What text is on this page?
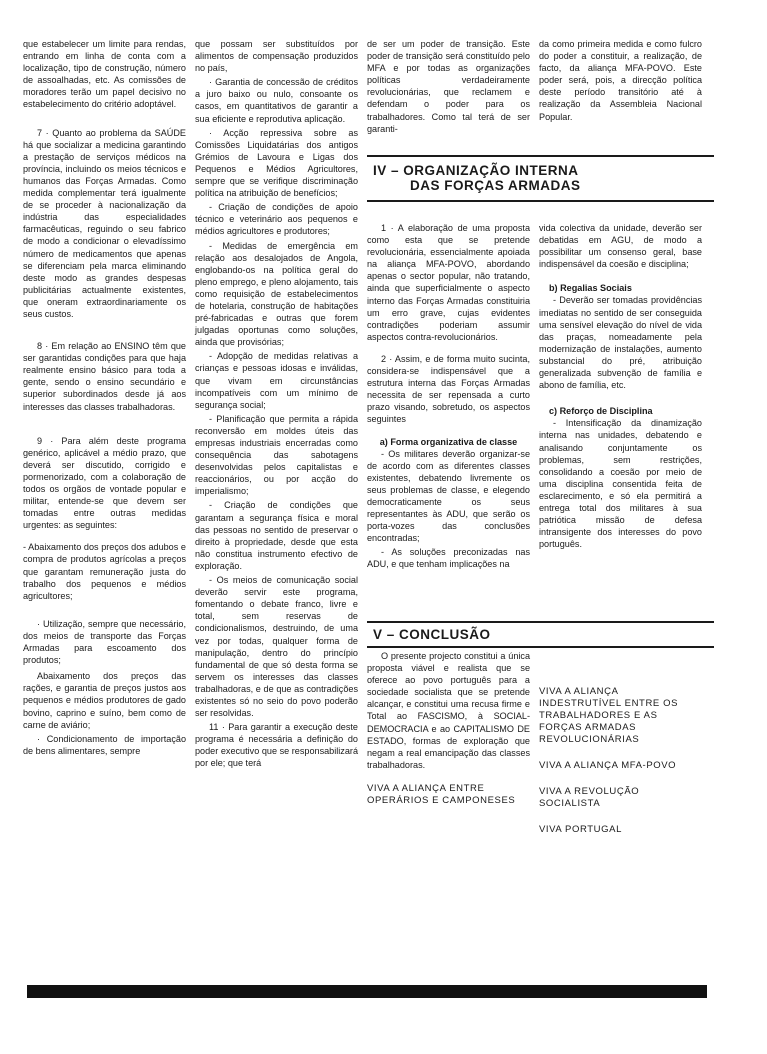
que estabelecer um limite para rendas, entrando em linha de conta com a localização, tipo de construção, número de assoalhadas, etc. As comissões de moradores terão um papel decisivo no estabelecimento do critério adoptável.

7 · Quanto ao problema da SAÚDE há que socializar a medicina garantindo a prestação de serviços médicos na província, incluindo os meios técnicos e humanos das Forças Armadas. Como medida complementar terá igualmente de se proceder à nacionalização da indústria das especialidades farmacêuticas, reguindo o seu fabrico de modo a condicionar o elevadíssimo número de medicamentos que apenas se diferenciam pela marca eliminando deste modo as grandes despesas publicitárias actualmente existentes, que oneram extraordinariamente os seus custos.

8 · Em relação ao ENSINO têm que ser garantidas condições para que haja realmente ensino básico para toda a gente, sendo o ensino secundário e superior subordinados desde já aos interesses das classes trabalhadoras.

9 · Para além deste programa genérico, aplicável a médio prazo, que deverá ser discutido, corrigido e pormenorizado, com a colaboração de todos os orgãos de vontade popular e militar, entende-se que devem ser tomadas entre outras medidas urgentes: as seguintes:

- Abaixamento dos preços dos adubos e compra de produtos agrícolas a preços que garantam remuneração justa do trabalho dos pequenos e médios agricultores;

· Utilização, sempre que necessário, dos meios de transporte das Forças Armadas para escoamento dos produtos;

Abaixamento dos preços das rações, e garantia de preços justos aos pequenos e médios produtores de gado bovino, caprino e suíno, bem como de carne de aviário;

· Condicionamento de importação de bens alimentares, sempre

que possam ser substituídos por alimentos de compensação produzidos no país,

· Garantia de concessão de créditos a juro baixo ou nulo, consoante os casos, em quantitativos de garantir a sua eficiente e reprodutiva aplicação.

· Acção repressiva sobre as Comissões Liquidatárias dos antigos Grémios de Lavoura e Ligas dos Pequenos e Médios Agricultores, sempre que se verifique discriminação política na atribuição de benefícios;

- Criação de condições de apoio técnico e veterinário aos pequenos e médios agricultores e produtores;

- Medidas de emergência em relação aos desalojados de Angola, englobando-os na política geral do pleno emprego, e pleno alojamento, tais como requisição de estabelecimentos de hotelaria, construção de habitações pré-fabricadas e outras que forem julgadas oportunas como soluções, ainda que provisórias;

- Adopção de medidas relativas a crianças e pessoas idosas e inválidas, que vivam em circunstâncias incompatíveis com um mínimo de segurança social;

- Planificação que permita a rápida reconversão em moldes úteis das empresas industriais encerradas como consequência das sabotagens desenvolvidas pelos capitalistas e reaccionários, ou por acção do imperialismo;

- Criação de condições que garantam a segurança física e moral das pessoas no sentido de preservar o direito à propriedade, desde que esta não constitua instrumento efectivo de exploração.

- Os meios de comunicação social deverão servir este programa, fomentando o debate franco, livre e total, sem reservas de condicionalismos, destruindo, de uma vez por todas, qualquer forma de manipulação, dentro do princípio fundamental de que só desta forma se servem os interesses das classes trabalhadoras, e de que as contradições existentes só no seio do povo poderão ser resolvidas.

11 · Para garantir a execução deste programa é necessária a definição do poder executivo que se responsabilizará por ele; que terá

de ser um poder de transição. Este poder de transição será constituído pelo MFA e por todas as organizações políticas verdadeiramente revolucionárias, que reclamem e defendam o poder para os trabalhadores. Como tal terá de ser garanti-

1 · A elaboração de uma proposta como esta que se pretende revolucionária, essencialmente apoiada na aliança MFA-POVO, abordando apenas o sector popular, não tratando, ainda que superficialmente o aspecto interno das Forças Armadas constituiria um erro grave, cujas evidentes contradições poderiam assumir aspectos contra-revolucionários.

2 · Assim, e de forma muito sucinta, considera-se indispensável que a estrutura interna das Forças Armadas necessita de ser repensada a curto prazo visando, sobretudo, os aspectos seguintes

a) Forma organizativa de classe

- Os militares deverão organizar-se de acordo com as diferentes classes existentes, debatendo livremente os seus problemas de classe, e elegendo democraticamente os seus representantes às ADU, que serão os porta-vozes das conclusões encontradas;

- As soluções preconizadas nas ADU, e que tenham implicações na

O presente projecto constitui a única proposta viável e realista que se oferece ao povo português para a sociedade socialista que se pretende alcançar, e constitui uma recusa firme e Total ao FASCISMO, à SOCIAL-DEMOCRACIA e ao CAPITALISMO DE ESTADO, formas de exploração que negam a real emancipação das classes trabalhadoras.

VIVA A ALIANÇA ENTRE OPERÁRIOS E CAMPONESES

da como primeira medida e como fulcro do poder a constituir, a realização, de facto, da aliança MFA-POVO. Este poder será, pois, a direcção política deste período transitório até à realização da Assembleia Nacional Popular.

vida colectiva da unidade, deverão ser debatidas em AGU, de modo a possibilitar um consenso geral, base indispensável da coesão e disciplina;

b) Regalias Sociais

- Deverão ser tomadas providências imediatas no sentido de ser conseguida uma sensível elevação do nível de vida das praças, nomeadamente pela modernização de instalações, aumento substancial do pré, atribuição generalizada subvenção de família e abono de família, etc.

c) Reforço de Disciplina

- Intensificação da dinamização interna nas unidades, debatendo e analisando conjuntamente os problemas, sem restrições, consolidando a coesão por meio de uma disciplina consentida feita de esclarecimento, e só ela permitirá a entrega total dos militares à sua patriótica missão de defesa intransigente dos interesses do povo português.

VIVA A ALIANÇA INDESTRUTÍVEL ENTRE OS TRABALHADORES E AS FORÇAS ARMADAS REVOLUCIONÁRIAS

VIVA A ALIANÇA MFA-POVO

VIVA A REVOLUÇÃO SOCIALISTA

VIVA PORTUGAL

IV – ORGANIZAÇÃO INTERNA
DAS FORÇAS ARMADAS
V – CONCLUSÃO
